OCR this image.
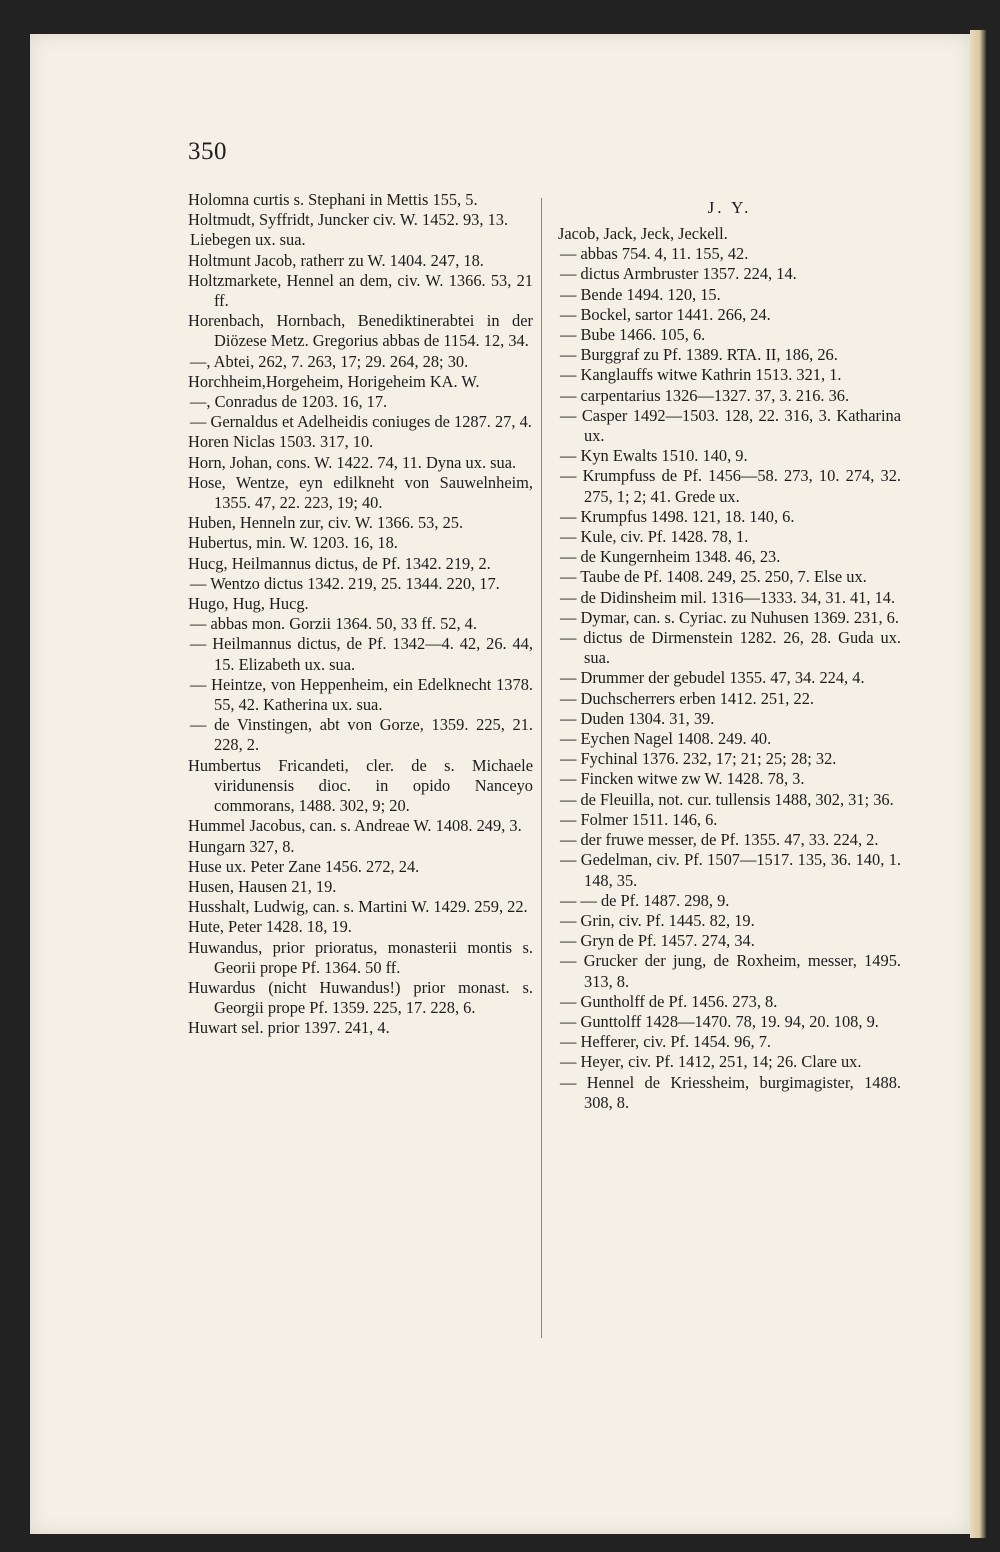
350
Holomna curtis s. Stephani in Mettis 155, 5.
Holtmudt, Syffridt, Juncker civ. W. 1452. 93, 13.
Liebegen ux. sua.
Holtmunt Jacob, ratherr zu W. 1404. 247, 18.
Holtzmarkete, Hennel an dem, civ. W. 1366. 53, 21 ff.
Horenbach, Hornbach, Benediktinerabtei in der Diözese Metz. Gregorius abbas de 1154. 12, 34.
—, Abtei, 262, 7. 263, 17; 29. 264, 28; 30.
Horchheim,Horgeheim, Horigeheim KA. W.
—, Conradus de 1203. 16, 17.
— Gernaldus et Adelheidis coniuges de 1287. 27, 4.
Horen Niclas 1503. 317, 10.
Horn, Johan, cons. W. 1422. 74, 11. Dyna ux. sua.
Hose, Wentze, eyn edilkneht von Sauwelnheim, 1355. 47, 22. 223, 19; 40.
Huben, Henneln zur, civ. W. 1366. 53, 25.
Hubertus, min. W. 1203. 16, 18.
Hucg, Heilmannus dictus, de Pf. 1342. 219, 2.
— Wentzo dictus 1342. 219, 25. 1344. 220, 17.
Hugo, Hug, Hucg.
— abbas mon. Gorzii 1364. 50, 33 ff. 52, 4.
— Heilmannus dictus, de Pf. 1342—4. 42, 26. 44, 15. Elizabeth ux. sua.
— Heintze, von Heppenheim, ein Edelknecht 1378. 55, 42. Katherina ux. sua.
— de Vinstingen, abt von Gorze, 1359. 225, 21. 228, 2.
Humbertus Fricandeti, cler. de s. Michaele viridunensis dioc. in opido Nanceyo commorans, 1488. 302, 9; 20.
Hummel Jacobus, can. s. Andreae W. 1408. 249, 3.
Hungarn 327, 8.
Huse ux. Peter Zane 1456. 272, 24.
Husen, Hausen 21, 19.
Husshalt, Ludwig, can. s. Martini W. 1429. 259, 22.
Hute, Peter 1428. 18, 19.
Huwandus, prior prioratus, monasterii montis s. Georii prope Pf. 1364. 50 ff.
Huwardus (nicht Huwandus!) prior monast. s. Georgii prope Pf. 1359. 225, 17. 228, 6.
Huwart sel. prior 1397. 241, 4.
J. Y.
Jacob, Jack, Jeck, Jeckell.
— abbas 754. 4, 11. 155, 42.
— dictus Armbruster 1357. 224, 14.
— Bende 1494. 120, 15.
— Bockel, sartor 1441. 266, 24.
— Bube 1466. 105, 6.
— Burggraf zu Pf. 1389. RTA. II, 186, 26.
— Kanglauffs witwe Kathrin 1513. 321, 1.
— carpentarius 1326—1327. 37, 3. 216. 36.
— Casper 1492—1503. 128, 22. 316, 3. Katharina ux.
— Kyn Ewalts 1510. 140, 9.
— Krumpfuss de Pf. 1456—58. 273, 10. 274, 32. 275, 1; 2; 41. Grede ux.
— Krumpfus 1498. 121, 18. 140, 6.
— Kule, civ. Pf. 1428. 78, 1.
— de Kungernheim 1348. 46, 23.
— Taube de Pf. 1408. 249, 25. 250, 7. Else ux.
— de Didinsheim mil. 1316—1333. 34, 31. 41, 14.
— Dymar, can. s. Cyriac. zu Nuhusen 1369. 231, 6.
— dictus de Dirmenstein 1282. 26, 28. Guda ux. sua.
— Drummer der gebudel 1355. 47, 34. 224, 4.
— Duchscherrers erben 1412. 251, 22.
— Duden 1304. 31, 39.
— Eychen Nagel 1408. 249. 40.
— Fychinal 1376. 232, 17; 21; 25; 28; 32.
— Fincken witwe zw W. 1428. 78, 3.
— de Fleuilla, not. cur. tullensis 1488, 302, 31; 36.
— Folmer 1511. 146, 6.
— der fruwe messer, de Pf. 1355. 47, 33. 224, 2.
— Gedelman, civ. Pf. 1507—1517. 135, 36. 140, 1. 148, 35.
— — de Pf. 1487. 298, 9.
— Grin, civ. Pf. 1445. 82, 19.
— Gryn de Pf. 1457. 274, 34.
— Grucker der jung, de Roxheim, messer, 1495. 313, 8.
— Guntholff de Pf. 1456. 273, 8.
— Gunttolff 1428—1470. 78, 19. 94, 20. 108, 9.
— Hefferer, civ. Pf. 1454. 96, 7.
— Heyer, civ. Pf. 1412, 251, 14; 26. Clare ux.
— Hennel de Kriessheim, burgimagister, 1488. 308, 8.
